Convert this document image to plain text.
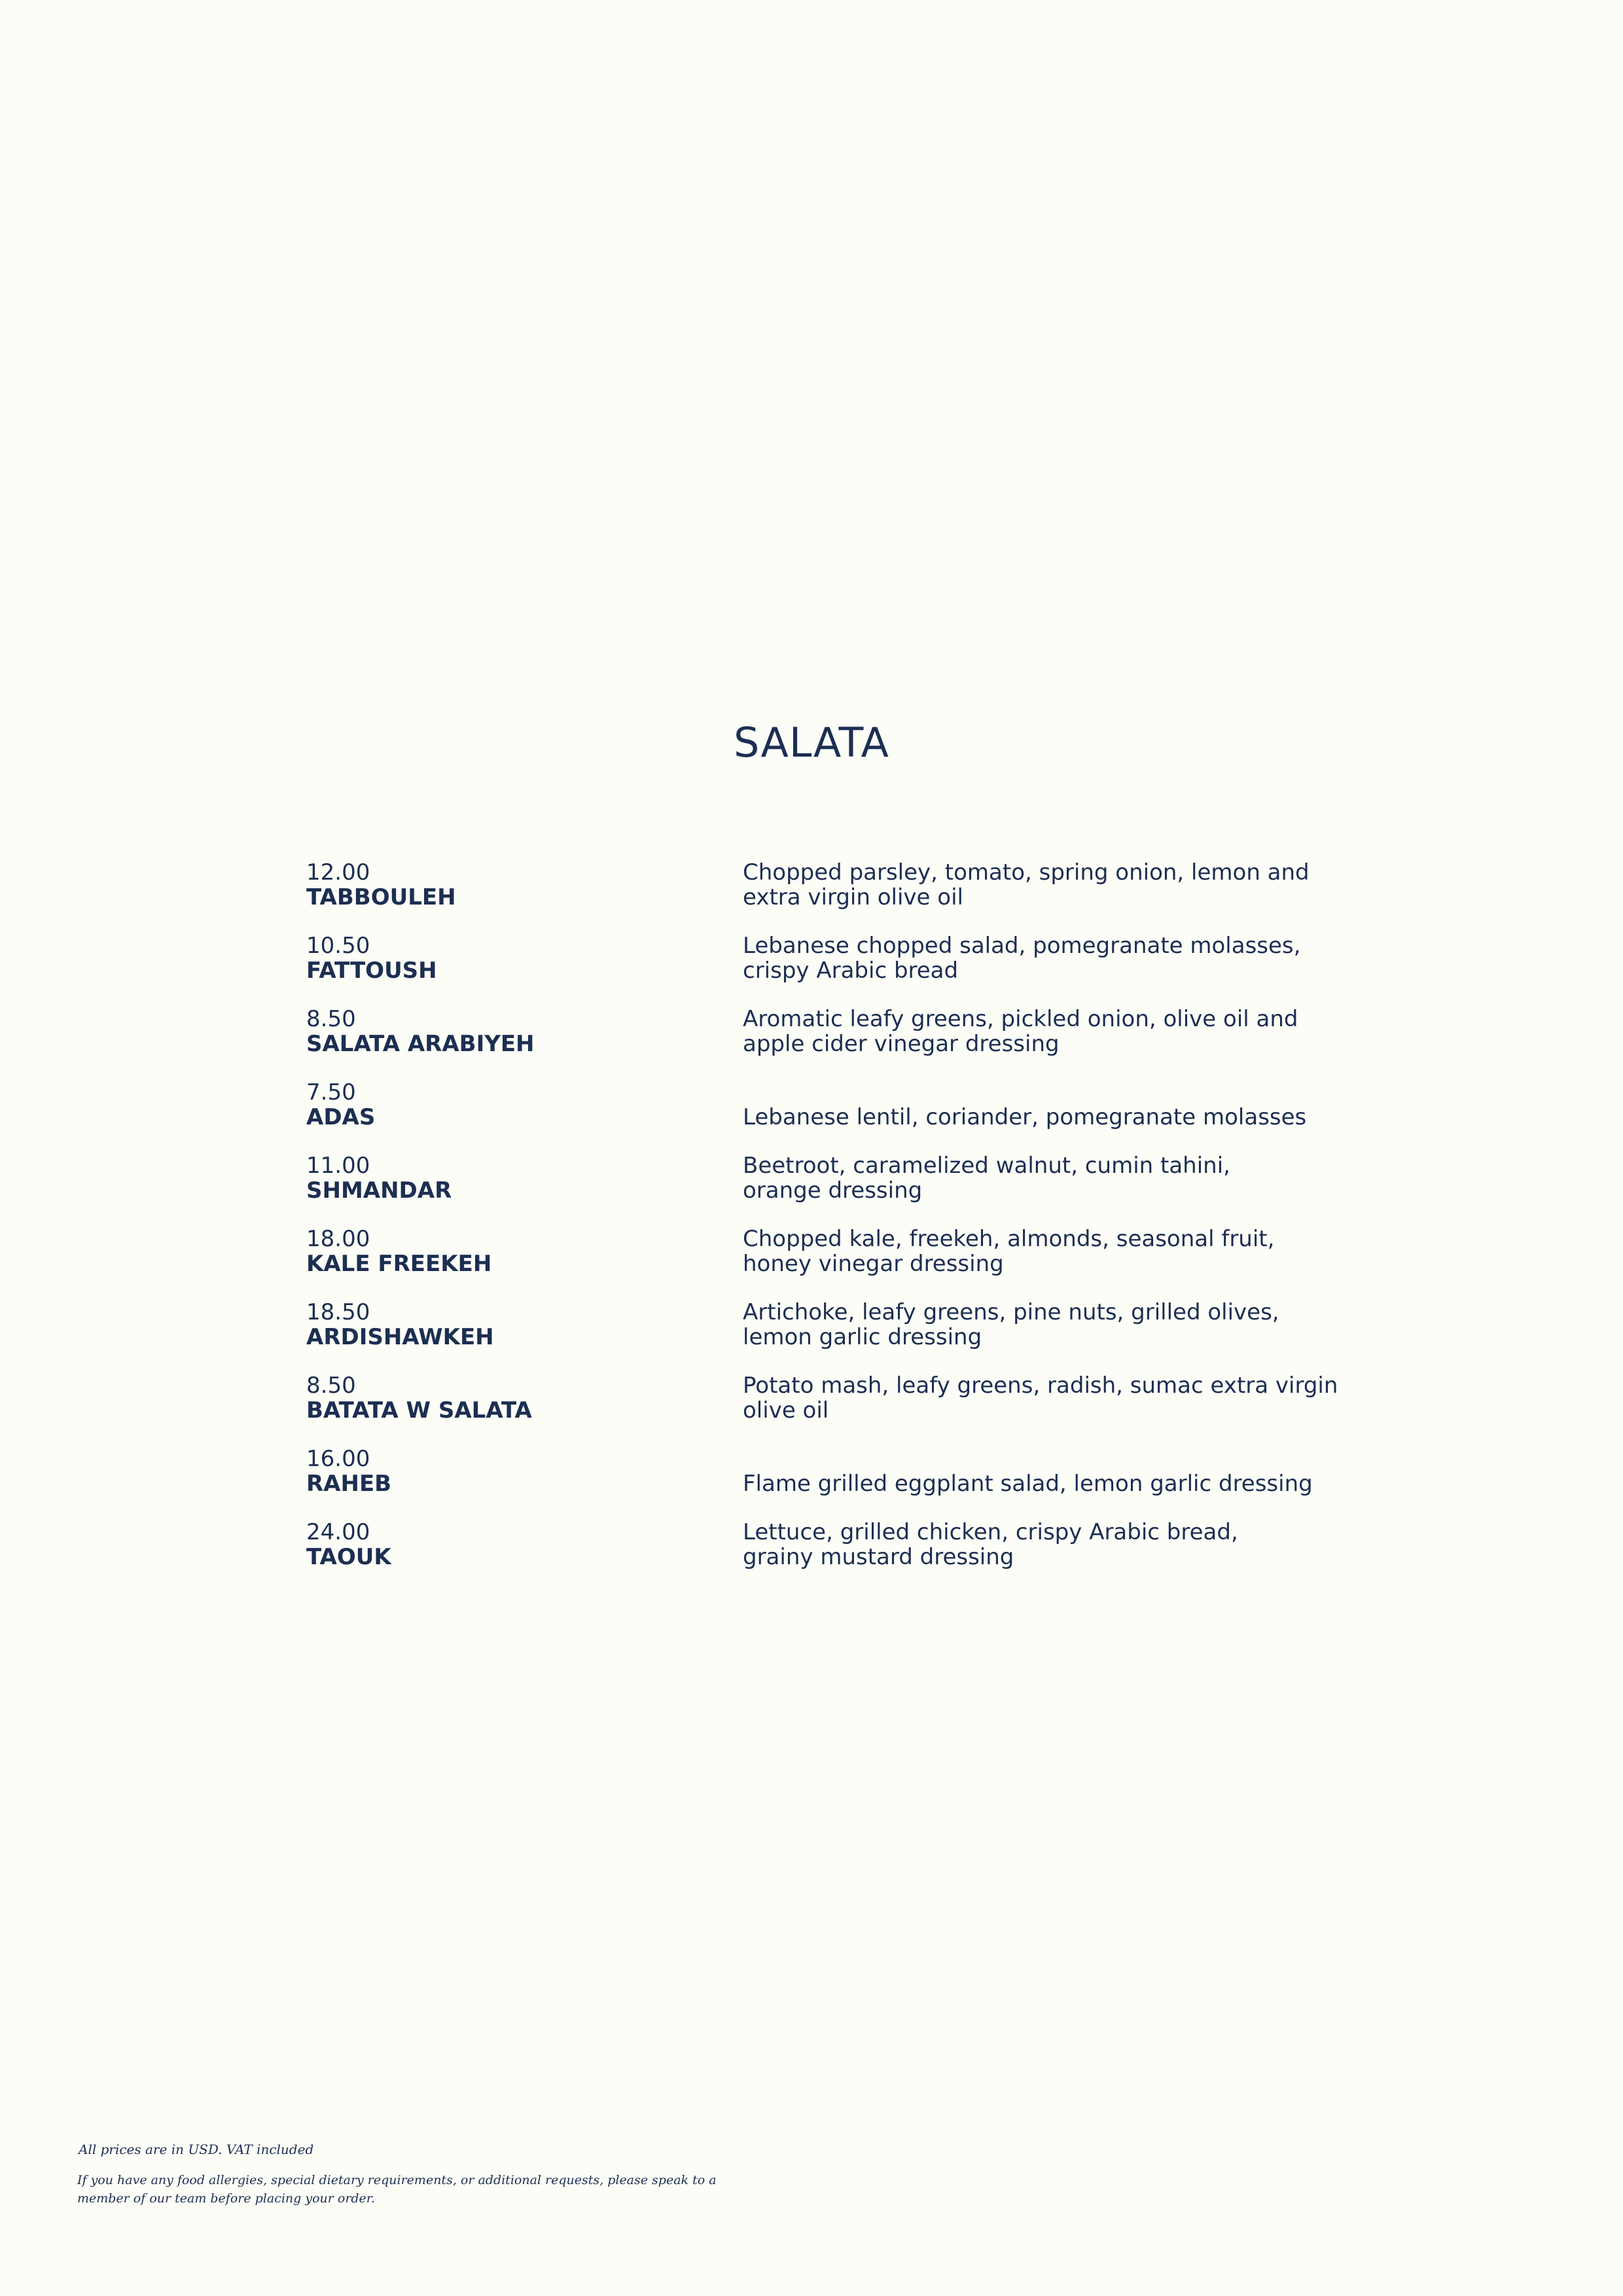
SALATA
12.00
TABBOULEH
Chopped parsley, tomato, spring onion, lemon and
extra virgin olive oil
10.50
FATTOUSH
Lebanese chopped salad, pomegranate molasses,
crispy Arabic bread
8.50
SALATA ARABIYEH
Aromatic leafy greens, pickled onion, olive oil and
apple cider vinegar dressing
7.50
ADAS	Lebanese lentil, coriander, pomegranate molasses
11.00
SHMANDAR
Beetroot, caramelized walnut, cumin tahini,
orange dressing
18.00
KALE FREEKEH
Chopped kale, freekeh, almonds, seasonal fruit,
honey vinegar dressing
18.50
ARDISHAWKEH
Artichoke, leafy greens, pine nuts, grilled olives,
lemon garlic dressing
8.50
BATATA W SALATA
Potato mash, leafy greens, radish, sumac extra virgin
olive oil
16.00
RAHEB	Flame grilled eggplant salad, lemon garlic dressing
24.00
TAOUK
Lettuce, grilled chicken, crispy Arabic bread,
grainy mustard dressing
All prices are in USD. VAT included
If you have any food allergies, special dietary requirements, or additional requests, please speak to a
member of our team before placing your order.
